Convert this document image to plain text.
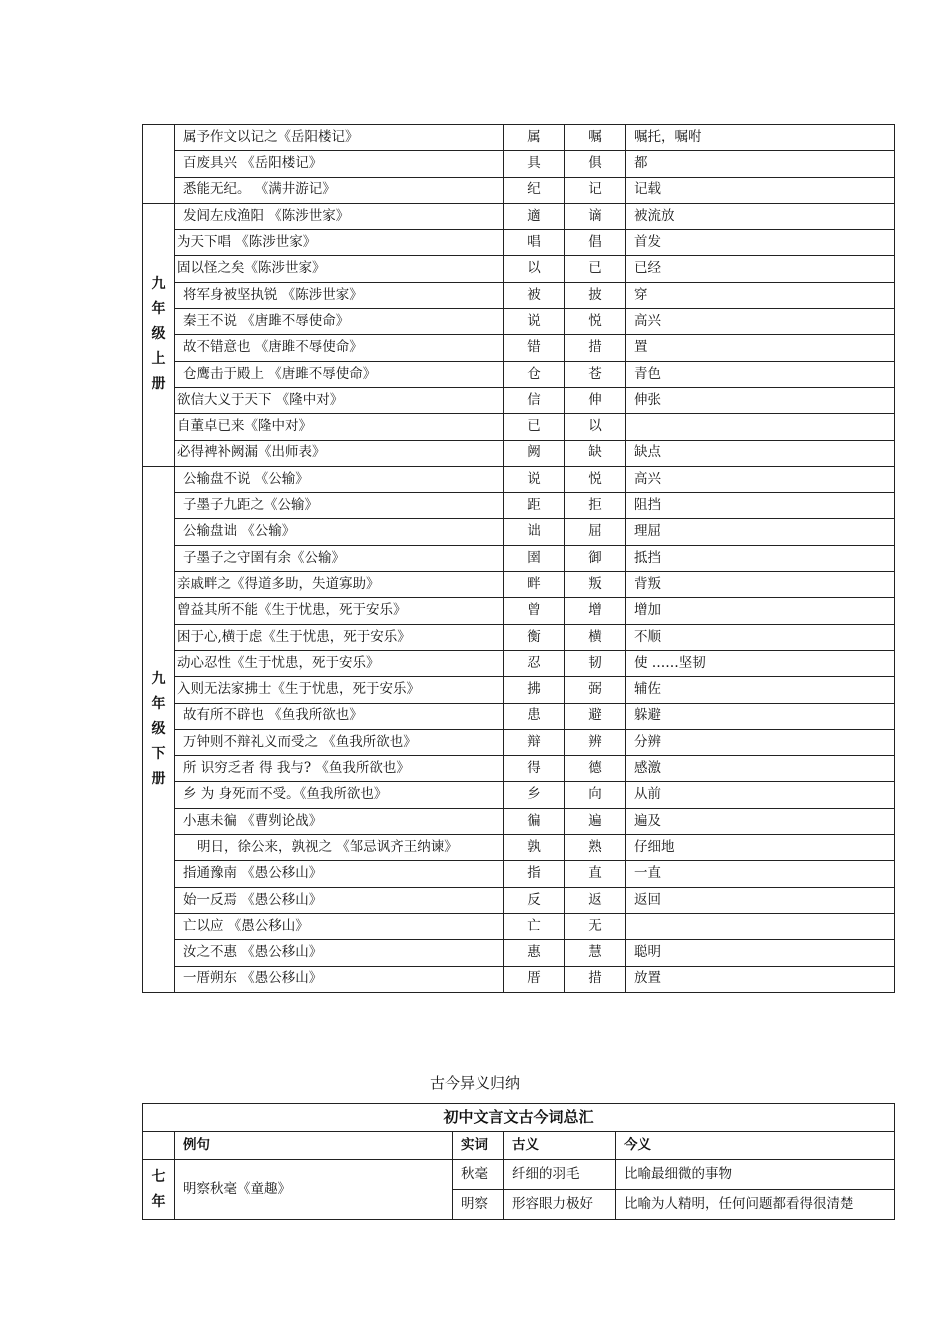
	属予作文以记之《岳阳楼记》	属	嘱	嘱托，嘱咐
	百废具兴 《岳阳楼记》	具	俱	都
	悉能无纪。 《满井游记》	纪	记	记载
九
年
级
上
册	发闾左戍渔阳 《陈涉世家》	適	谪	被流放
	为天下唱 《陈涉世家》	唱	倡	首发
	固以怪之矣《陈涉世家》	以	已	已经
	将军身被坚执锐 《陈涉世家》	被	披	穿
	秦王不说 《唐雎不辱使命》	说	悦	高兴
	故不错意也 《唐雎不辱使命》	错	措	置
	仓鹰击于殿上 《唐雎不辱使命》	仓	苍	青色
	欲信大义于天下 《隆中对》	信	伸	伸张
	自董卓已来《隆中对》	已	以	
	必得裨补阙漏《出师表》	阙	缺	缺点
九
年
级
下
册	公输盘不说 《公输》	说	悦	高兴
	子墨子九距之《公输》	距	拒	阻挡
	公输盘诎 《公输》	诎	屈	理屈
	子墨子之守圉有余《公输》	圉	御	抵挡
	亲戚畔之《得道多助，失道寡助》	畔	叛	背叛
	曾益其所不能《生于忧患，死于安乐》	曾	增	增加
	困于心,横于虑《生于忧患，死于安乐》	衡	横	不顺
	动心忍性《生于忧患，死于安乐》	忍	韧	使 ……坚韧
	入则无法家拂士《生于忧患，死于安乐》	拂	弼	辅佐
	故有所不辟也 《鱼我所欲也》	患	避	躲避
	万钟则不辩礼义而受之 《鱼我所欲也》	辩	辨	分辨
	所 识穷乏者 得 我与? 《鱼我所欲也》	得	德	感激
	乡 为 身死而不受。《鱼我所欲也》	乡	向	从前
	小惠未徧 《曹刿论战》	徧	遍	遍及
	明日，徐公来，孰视之 《邹忌讽齐王纳谏》	孰	熟	仔细地
	指通豫南 《愚公移山》	指	直	一直
	始一反焉 《愚公移山》	反	返	返回
	亡以应 《愚公移山》	亡	无	
	汝之不惠 《愚公移山》	惠	慧	聪明
	一厝朔东 《愚公移山》	厝	措	放置
古今异义归纳
初中文言文古今词总汇				
	例句	实词	古义	今义
七
年	明察秋毫《童趣》	秋毫	纤细的羽毛	比喻最细微的事物
		明察	形容眼力极好	比喻为人精明，任何问题都看得很清楚
